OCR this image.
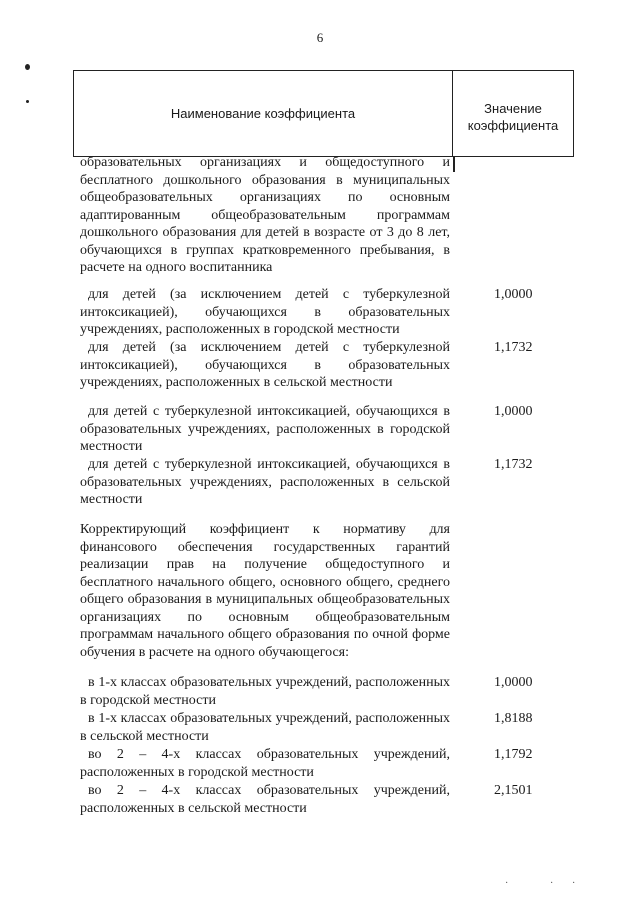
6
Наименование коэффициента	Значение
коэффициента
образовательных организациях и общедоступного и бесплатного дошкольного образования в муниципальных общеобразовательных организациях по основным адаптированным общеобразовательным программам дошкольного образования для детей в возрасте от 3 до 8 лет, обучающихся в группах кратковременного пребывания, в расчете на одного воспитанника
для детей (за исключением детей с туберкулезной интоксикацией), обучающихся в образовательных учреждениях, расположенных в городской местности
1,0000
для детей (за исключением детей с туберкулезной интоксикацией), обучающихся в образовательных учреждениях, расположенных в сельской местности
1,1732
для детей с туберкулезной интоксикацией, обучающихся в образовательных учреждениях, расположенных в городской местности
1,0000
для детей с туберкулезной интоксикацией, обучающихся в образовательных учреждениях, расположенных в сельской местности
1,1732
Корректирующий коэффициент к нормативу для финансового обеспечения государственных гарантий реализации прав на получение общедоступного и бесплатного начального общего, основного общего, среднего общего образования в муниципальных общеобразовательных организациях по основным общеобразовательным программам начального общего образования по очной форме обучения в расчете на одного обучающегося:
в 1-х классах образовательных учреждений, расположенных в городской местности
1,0000
в 1-х классах образовательных учреждений, расположенных в сельской местности
1,8188
во 2 – 4-х классах образовательных учреждений, расположенных в городской местности
1,1792
во 2 – 4-х классах образовательных учреждений, расположенных в сельской местности
2,1501
·	· ·
